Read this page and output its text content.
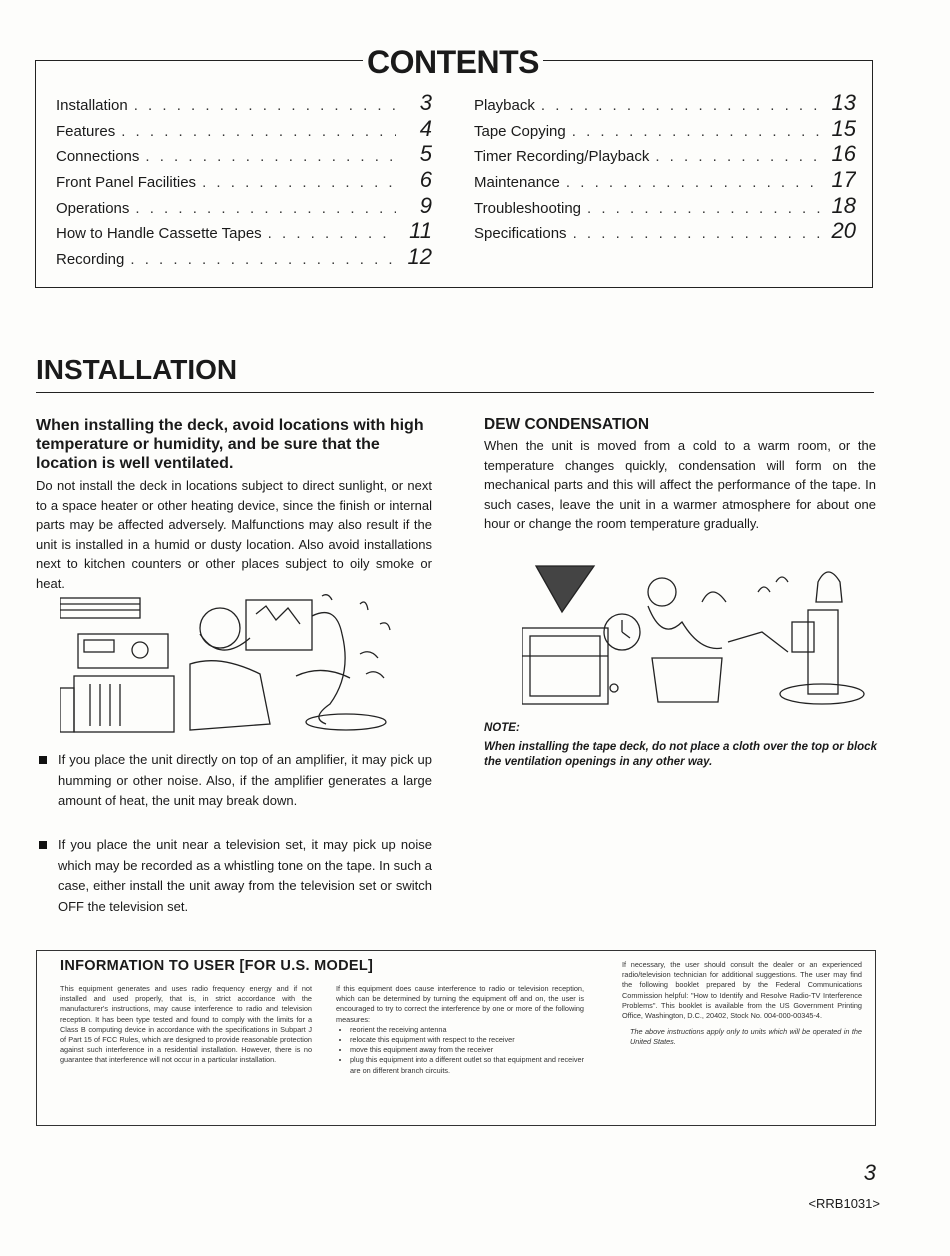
CONTENTS
Installation . . .	3
Features . . .	4
Connections . . .	5
Front Panel Facilities . . .	6
Operations . . .	9
How to Handle Cassette Tapes . . .	11
Recording . . .	12
Playback . . .	13
Tape Copying . . .	15
Timer Recording/Playback . . .	16
Maintenance . . .	17
Troubleshooting . . .	18
Specifications . . .	20
INSTALLATION
When installing the deck, avoid locations with high temperature or humidity, and be sure that the location is well ventilated.
Do not install the deck in locations subject to direct sunlight, or next to a space heater or other heating device, since the finish or internal parts may be affected adversely. Malfunctions may also result if the unit is installed in a humid or dusty location. Also avoid installations next to kitchen counters or other places subject to oily smoke or heat.
If you place the unit directly on top of an amplifier, it may pick up humming or other noise. Also, if the amplifier generates a large amount of heat, the unit may break down.
If you place the unit near a television set, it may pick up noise which may be recorded as a whistling tone on the tape. In such a case, either install the unit away from the television set or switch OFF the television set.
DEW CONDENSATION
When the unit is moved from a cold to a warm room, or the temperature changes quickly, condensation will form on the mechanical parts and this will affect the performance of the tape. In such cases, leave the unit in a warmer atmosphere for about one hour or change the room temperature gradually.
NOTE:
When installing the tape deck, do not place a cloth over the top or block the ventilation openings in any other way.
INFORMATION TO USER [FOR U.S. MODEL]
This equipment generates and uses radio frequency energy and if not installed and used properly, that is, in strict accordance with the manufacturer's instructions, may cause interference to radio and television reception. It has been type tested and found to comply with the limits for a Class B computing device in accordance with the specifications in Subpart J of Part 15 of FCC Rules, which are designed to provide reasonable protection against such interference in a residential installation. However, there is no guarantee that interference will not occur in a particular installation.
If this equipment does cause interference to radio or television reception, which can be determined by turning the equipment off and on, the user is encouraged to try to correct the interference by one or more of the following measures:
• reorient the receiving antenna
• relocate this equipment with respect to the receiver
• move this equipment away from the receiver
• plug this equipment into a different outlet so that equipment and receiver are on different branch circuits.
If necessary, the user should consult the dealer or an experienced radio/television technician for additional suggestions. The user may find the following booklet prepared by the Federal Communications Commission helpful: "How to Identify and Resolve Radio-TV Interference Problems". This booklet is available from the US Government Printing Office, Washington, D.C., 20402, Stock No. 004-000-00345-4.
The above instructions apply only to units which will be operated in the United States.
3
<RRB1031>
